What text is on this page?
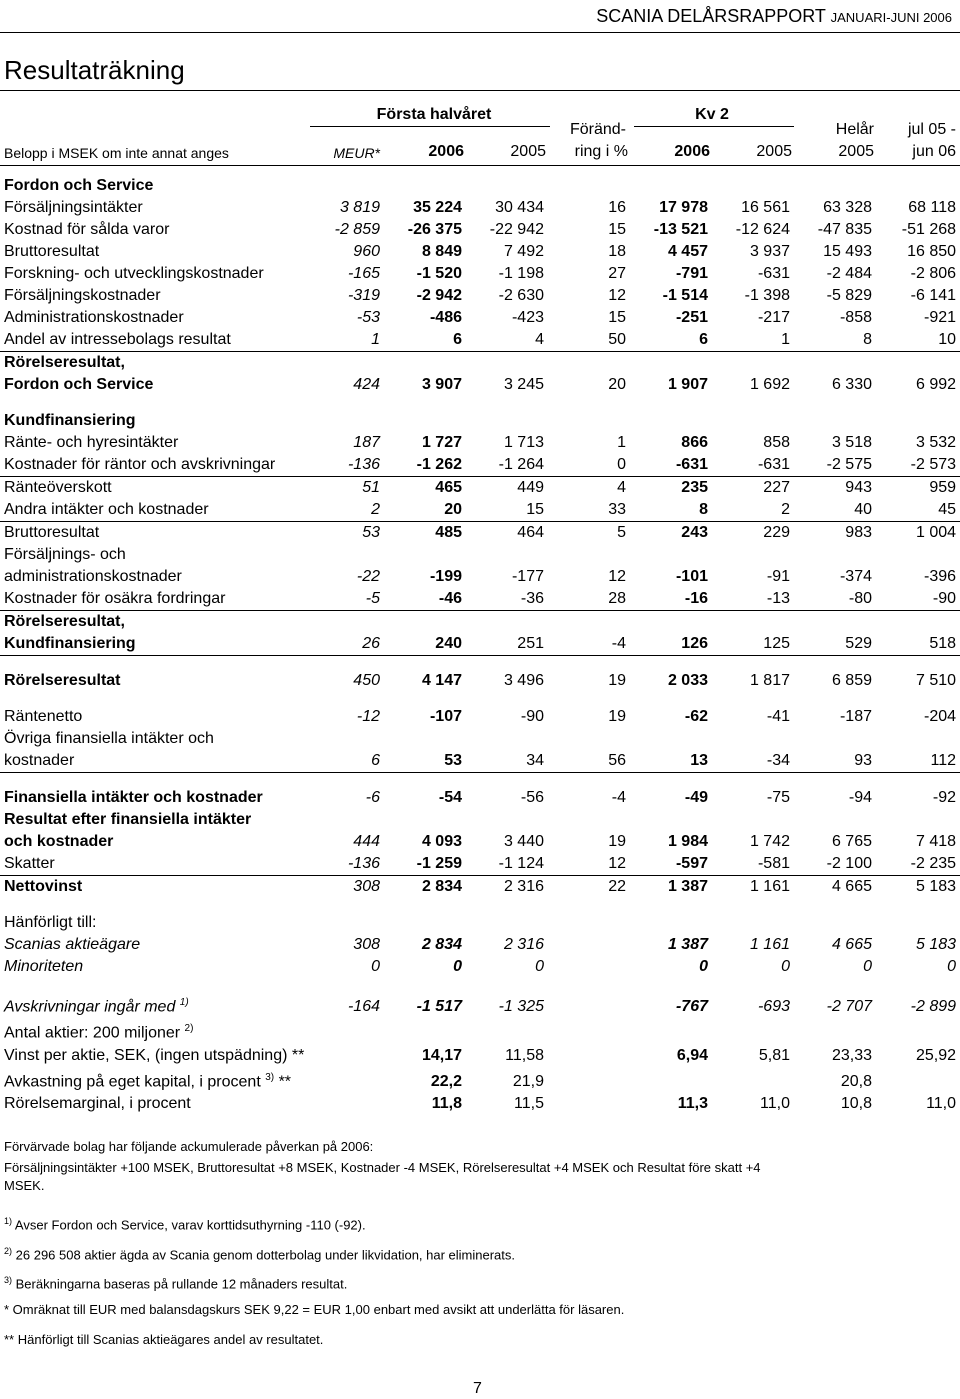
SCANIA DELÅRSRAPPORT JANUARI-JUNI 2006
Resultaträkning
Första halvåret	Kv 2
Föränd-	Helår	jul 05 -
Belopp i MSEK om inte annat anges	MEUR*	2006	2005	ring i %	2006	2005	2005	jun 06
Fordon och Service								
Försäljningsintäkter	3 819	35 224	30 434	16	17 978	16 561	63 328	68 118
Kostnad för sålda varor	-2 859	-26 375	-22 942	15	-13 521	-12 624	-47 835	-51 268
Bruttoresultat	960	8 849	7 492	18	4 457	3 937	15 493	16 850
Forskning- och utvecklingskostnader	-165	-1 520	-1 198	27	-791	-631	-2 484	-2 806
Försäljningskostnader	-319	-2 942	-2 630	12	-1 514	-1 398	-5 829	-6 141
Administrationskostnader	-53	-486	-423	15	-251	-217	-858	-921
Andel av intressebolags resultat	1	6	4	50	6	1	8	10
Rörelseresultat,
Fordon och Service	424	3 907	3 245	20	1 907	1 692	6 330	6 992

Kundfinansiering								
Ränte- och hyresintäkter	187	1 727	1 713	1	866	858	3 518	3 532
Kostnader för räntor och avskrivningar	-136	-1 262	-1 264	0	-631	-631	-2 575	-2 573
Ränteöverskott	51	465	449	4	235	227	943	959
Andra intäkter och kostnader	2	20	15	33	8	2	40	45
Bruttoresultat	53	485	464	5	243	229	983	1 004
Försäljnings- och
administrationskostnader	-22	-199	-177	12	-101	-91	-374	-396
Kostnader för osäkra fordringar	-5	-46	-36	28	-16	-13	-80	-90
Rörelseresultat,
Kundfinansiering	26	240	251	-4	126	125	529	518

Rörelseresultat	450	4 147	3 496	19	2 033	1 817	6 859	7 510

Räntenetto	-12	-107	-90	19	-62	-41	-187	-204
Övriga finansiella intäkter och
kostnader	6	53	34	56	13	-34	93	112

Finansiella intäkter och kostnader	-6	-54	-56	-4	-49	-75	-94	-92
Resultat efter finansiella intäkter
och kostnader	444	4 093	3 440	19	1 984	1 742	6 765	7 418
Skatter	-136	-1 259	-1 124	12	-597	-581	-2 100	-2 235
Nettovinst	308	2 834	2 316	22	1 387	1 161	4 665	5 183

Hänförligt till:								
Scanias aktieägare	308	2 834	2 316		1 387	1 161	4 665	5 183
Minoriteten	0	0	0		0	0	0	0

Avskrivningar ingår med $^{1)}$	-164	-1 517	-1 325		-767	-693	-2 707	-2 899
Antal aktier: 200 miljoner $^{2)}$								
Vinst per aktie, SEK, (ingen utspädning) **		14,17	11,58		6,94	5,81	23,33	25,92
Avkastning på eget kapital, i procent $^{3)}$ **		22,2	21,9				20,8	
Rörelsemarginal, i procent		11,8	11,5		11,3	11,0	10,8	11,0
Förvärvade bolag har följande ackumulerade påverkan på 2006:
Försäljningsintäkter +100 MSEK, Bruttoresultat +8 MSEK, Kostnader -4 MSEK, Rörelseresultat +4 MSEK och Resultat före skatt +4 MSEK.
$^{1)}$ Avser Fordon och Service, varav korttidsuthyrning -110 (-92).
$^{2)}$ 26 296 508 aktier ägda av Scania genom dotterbolag under likvidation, har eliminerats.
$^{3)}$ Beräkningarna baseras på rullande 12 månaders resultat.
* Omräknat till EUR med balansdagskurs SEK 9,22 = EUR 1,00 enbart med avsikt att underlätta för läsaren.
** Hänförligt till Scanias aktieägares andel av resultatet.
7
